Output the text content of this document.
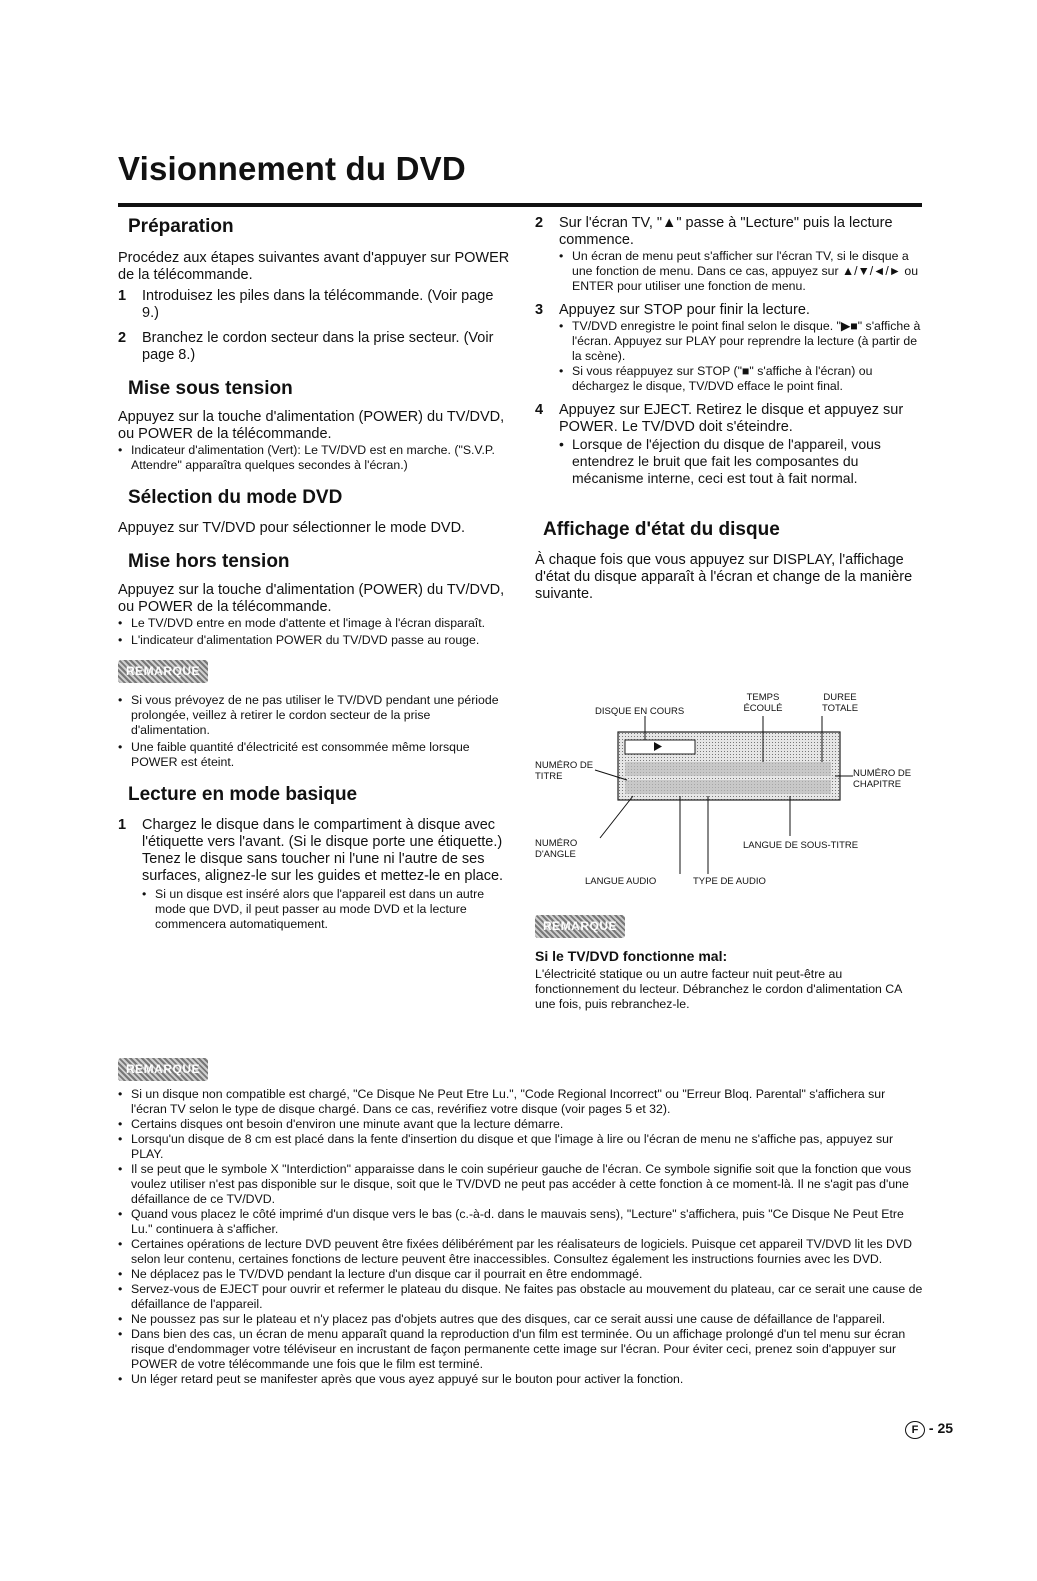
Visionnement du DVD

Préparation

Procédez aux étapes suivantes avant d'appuyer sur POWER de la télécommande.

1	Introduisez les piles dans la télécommande. (Voir page 9.)
2	Branchez le cordon secteur dans la prise secteur. (Voir page 8.)

Mise sous tension

Appuyez sur la touche d'alimentation (POWER) du TV/DVD, ou POWER de la télécommande.

• Indicateur d'alimentation (Vert): Le TV/DVD est en marche. ("S.V.P. Attendre" apparaîtra quelques secondes à l'écran.)

Sélection du mode DVD

Appuyez sur TV/DVD pour sélectionner le mode DVD.

Mise hors tension

Appuyez sur la touche d'alimentation (POWER) du TV/DVD, ou POWER de la télécommande.

• Le TV/DVD entre en mode d'attente et l'image à l'écran disparaît.
• L'indicateur d'alimentation POWER du TV/DVD passe au rouge.
REMARQUE
• Si vous prévoyez de ne pas utiliser le TV/DVD pendant une période prolongée, veillez à retirer le cordon secteur de la prise d'alimentation.
• Une faible quantité d'électricité est consommée même lorsque POWER est éteint.

Lecture en mode basique

1	Chargez le disque dans le compartiment à disque avec l'étiquette vers l'avant. (Si le disque porte une étiquette.) Tenez le disque sans toucher ni l'une ni l'autre de ses surfaces, alignez-le sur les guides et mettez-le en place.
• Si un disque est inséré alors que l'appareil est dans un autre mode que DVD, il peut passer au mode DVD et la lecture commencera automatiquement.
2	Sur l'écran TV, "▲" passe à "Lecture" puis la lecture commence.
• Un écran de menu peut s'afficher sur l'écran TV, si le disque a une fonction de menu. Dans ce cas, appuyez sur ▲/▼/◄/► ou ENTER pour utiliser une fonction de menu.
3	Appuyez sur STOP pour finir la lecture.
• TV/DVD enregistre le point final selon le disque. "▶■" s'affiche à l'écran. Appuyez sur PLAY pour reprendre la lecture (à partir de la scène).
• Si vous réappuyez sur STOP ("■" s'affiche à l'écran) ou déchargez le disque, TV/DVD efface le point final.
4	Appuyez sur EJECT. Retirez le disque et appuyez sur POWER. Le TV/DVD doit s'éteindre.
• Lorsque de l'éjection du disque de l'appareil, vous entendrez le bruit que fait les composantes du mécanisme interne, ceci est tout à fait normal.

Affichage d'état du disque

À chaque fois que vous appuyez sur DISPLAY, l'affichage d'état du disque apparaît à l'écran et change de la manière suivante.

DISQUE EN COURS
TEMPS ÉCOULÉ
DUREE TOTALE
NUMÉRO DE TITRE	NUMÉRO DE CHAPITRE
NUMÉRO D'ANGLE
LANGUE DE SOUS-TITRE
LANGUE AUDIO	TYPE DE AUDIO
REMARQUE

Si le TV/DVD fonctionne mal:

L'électricité statique ou un autre facteur nuit peut-être au fonctionnement du lecteur. Débranchez le cordon d'alimentation CA une fois, puis rebranchez-le.

REMARQUE
• Si un disque non compatible est chargé, "Ce Disque Ne Peut Etre Lu.", "Code Regional Incorrect" ou "Erreur Bloq. Parental" s'affichera sur l'écran TV selon le type de disque chargé. Dans ce cas, revérifiez votre disque (voir pages 5 et 32).
• Certains disques ont besoin d'environ une minute avant que la lecture démarre.
• Lorsqu'un disque de 8 cm est placé dans la fente d'insertion du disque et que l'image à lire ou l'écran de menu ne s'affiche pas, appuyez sur PLAY.
• Il se peut que le symbole X "Interdiction" apparaisse dans le coin supérieur gauche de l'écran. Ce symbole signifie soit que la fonction que vous voulez utiliser n'est pas disponible sur le disque, soit que le TV/DVD ne peut pas accéder à cette fonction à ce moment-là. Il ne s'agit pas d'une défaillance de ce TV/DVD.
• Quand vous placez le côté imprimé d'un disque vers le bas (c.-à-d. dans le mauvais sens), "Lecture" s'affichera, puis "Ce Disque Ne Peut Etre Lu." continuera à s'afficher.
• Certaines opérations de lecture DVD peuvent être fixées délibérément par les réalisateurs de logiciels. Puisque cet appareil TV/DVD lit les DVD selon leur contenu, certaines fonctions de lecture peuvent être inaccessibles. Consultez également les instructions fournies avec les DVD.
• Ne déplacez pas le TV/DVD pendant la lecture d'un disque car il pourrait en être endommagé.
• Servez-vous de EJECT pour ouvrir et refermer le plateau du disque. Ne faites pas obstacle au mouvement du plateau, car ce serait une cause de défaillance de l'appareil.
• Ne poussez pas sur le plateau et n'y placez pas d'objets autres que des disques, car ce serait aussi une cause de défaillance de l'appareil.
• Dans bien des cas, un écran de menu apparaît quand la reproduction d'un film est terminée. Ou un affichage prolongé d'un tel menu sur écran risque d'endommager votre téléviseur en incrustant de façon permanente cette image sur l'écran. Pour éviter ceci, prenez soin d'appuyer sur POWER de votre télécommande une fois que le film est terminé.
• Un léger retard peut se manifester après que vous ayez appuyé sur le bouton pour activer la fonction.
F - 25
